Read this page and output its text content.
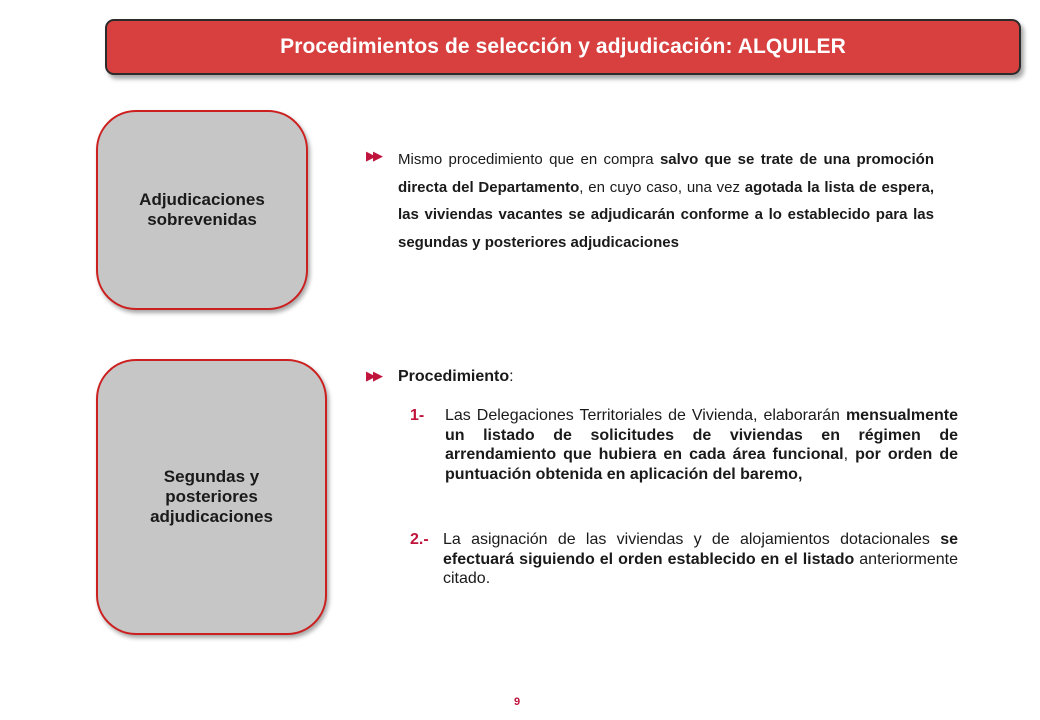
Procedimientos de selección y adjudicación: ALQUILER
Adjudicaciones
sobrevenidas
Segundas y
posteriores
adjudicaciones
▶▶	Mismo procedimiento que en compra salvo que se trate de una promoción directa del Departamento, en cuyo caso, una vez agotada la lista de espera, las viviendas vacantes se adjudicarán conforme a lo establecido para las segundas y posteriores adjudicaciones
▶▶	Procedimiento:
1-	Las Delegaciones Territoriales de Vivienda, elaborarán mensualmente un listado de solicitudes de viviendas en régimen de arrendamiento que hubiera en cada área funcional, por orden de puntuación obtenida en aplicación del baremo,
2.- La asignación de las viviendas y de alojamientos dotacionales se efectuará siguiendo el orden establecido en el listado anteriormente citado.
9
